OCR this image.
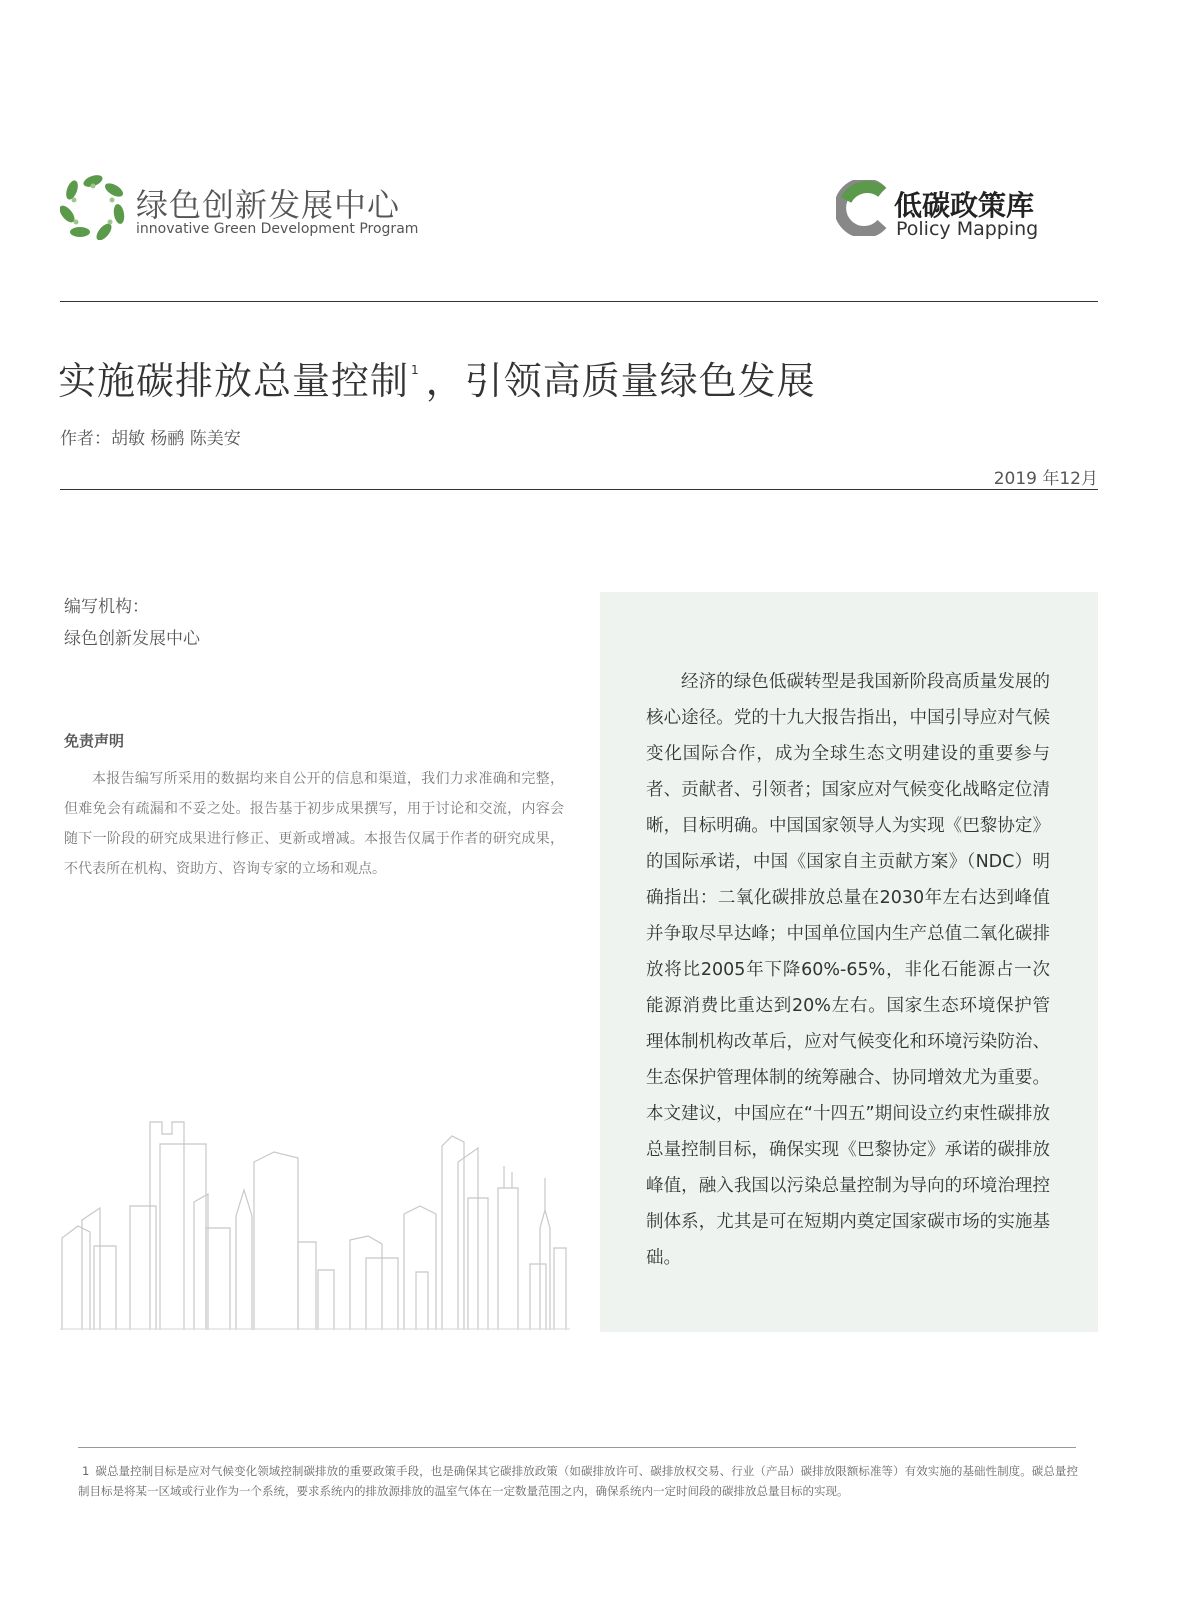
绿色创新发展中心
innovative Green Development Program
低碳政策库
Policy Mapping
实施碳排放总量控制 $^1$ ，引领高质量绿色发展
作者：胡敏 杨鹂 陈美安
2019 年12月
编写机构：
绿色创新发展中心
免责声明

本报告编写所采用的数据均来自公开的信息和渠道，我们力求准确和完整，但难免会有疏漏和不妥之处。报告基于初步成果撰写，用于讨论和交流，内容会随下一阶段的研究成果进行修正、更新或增减。本报告仅属于作者的研究成果，不代表所在机构、资助方、咨询专家的立场和观点。

经济的绿色低碳转型是我国新阶段高质量发展的核心途径。党的十九大报告指出，中国引导应对气候变化国际合作，成为全球生态文明建设的重要参与者、贡献者、引领者；国家应对气候变化战略定位清晰，目标明确。中国国家领导人为实现《巴黎协定》的国际承诺，中国《国家自主贡献方案》（NDC）明确指出：二氧化碳排放总量在2030年左右达到峰值并争取尽早达峰；中国单位国内生产总值二氧化碳排放将比2005年下降60%-65%，非化石能源占一次能源消费比重达到20%左右。国家生态环境保护管理体制机构改革后，应对气候变化和环境污染防治、生态保护管理体制的统筹融合、协同增效尤为重要。本文建议，中国应在“十四五”期间设立约束性碳排放总量控制目标，确保实现《巴黎协定》承诺的碳排放峰值，融入我国以污染总量控制为导向的环境治理控制体系，尤其是可在短期内奠定国家碳市场的实施基础。

1 碳总量控制目标是应对气候变化领域控制碳排放的重要政策手段，也是确保其它碳排放政策（如碳排放许可、碳排放权交易、行业（产品）碳排放限额标准等）有效实施的基础性制度。碳总量控制目标是将某一区域或行业作为一个系统，要求系统内的排放源排放的温室气体在一定数量范围之内，确保系统内一定时间段的碳排放总量目标的实现。
